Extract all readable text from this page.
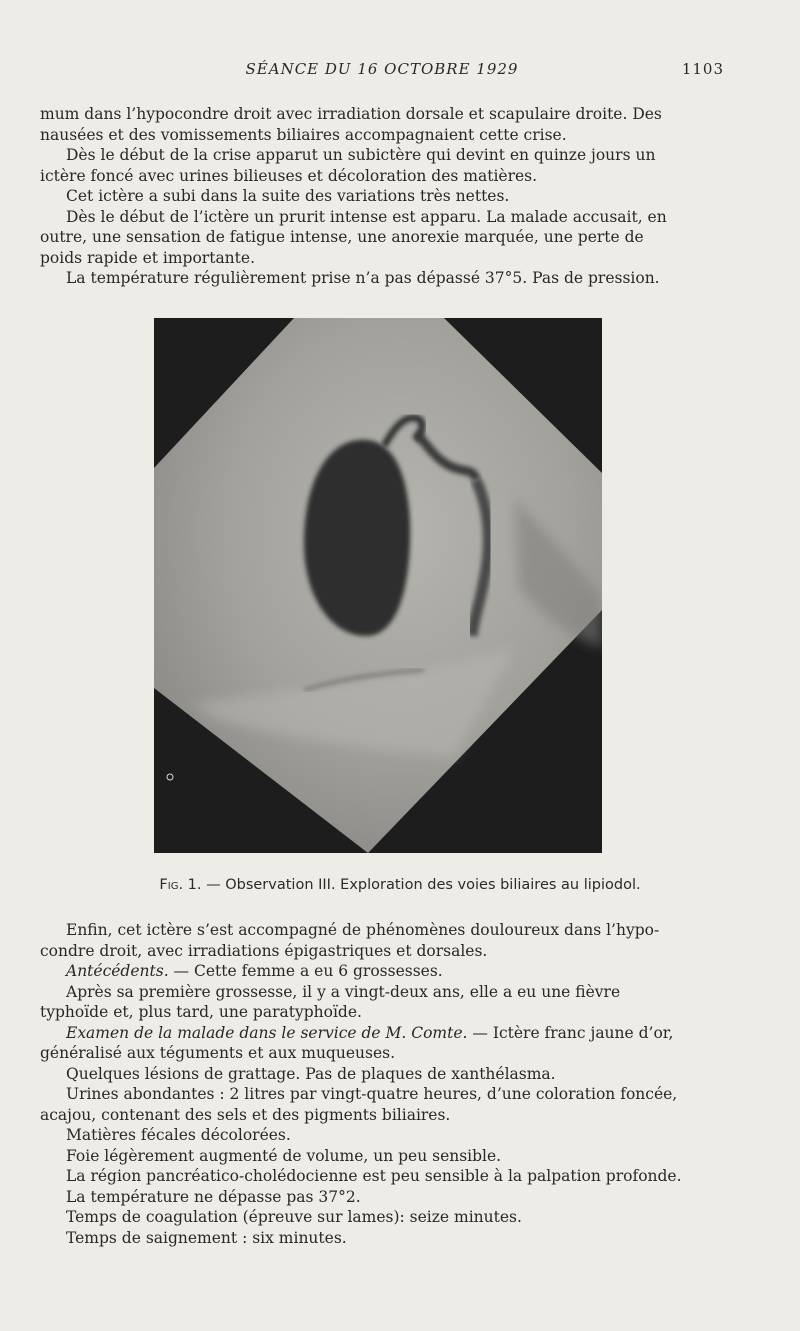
SÉANCE DU 16 OCTOBRE 1929	1103
mum dans l’hypocondre droit avec irradiation dorsale et scapulaire droite. Des
nausées et des vomissements biliaires accompagnaient cette crise.
Dès le début de la crise apparut un subictère qui devint en quinze jours un
ictère foncé avec urines bilieuses et décoloration des matières.
Cet ictère a subi dans la suite des variations très nettes.
Dès le début de l’ictère un prurit intense est apparu. La malade accusait, en
outre, une sensation de fatigue intense, une anorexie marquée, une perte de
poids rapide et importante.
La température régulièrement prise n’a pas dépassé 37°5. Pas de pression.
Fig. 1. — Observation III. Exploration des voies biliaires au lipiodol.
Enfin, cet ictère s’est accompagné de phénomènes douloureux dans l’hypo-
condre droit, avec irradiations épigastriques et dorsales.
Antécédents. — Cette femme a eu 6 grossesses.
Après sa première grossesse, il y a vingt-deux ans, elle a eu une fièvre
typhoïde et, plus tard, une paratyphoïde.
Examen de la malade dans le service de M. Comte. — Ictère franc jaune d’or,
généralisé aux téguments et aux muqueuses.
Quelques lésions de grattage. Pas de plaques de xanthélasma.
Urines abondantes : 2 litres par vingt-quatre heures, d’une coloration foncée,
acajou, contenant des sels et des pigments biliaires.
Matières fécales décolorées.
Foie légèrement augmenté de volume, un peu sensible.
La région pancréatico-cholédocienne est peu sensible à la palpation profonde.
La température ne dépasse pas 37°2.
Temps de coagulation (épreuve sur lames): seize minutes.
Temps de saignement : six minutes.
